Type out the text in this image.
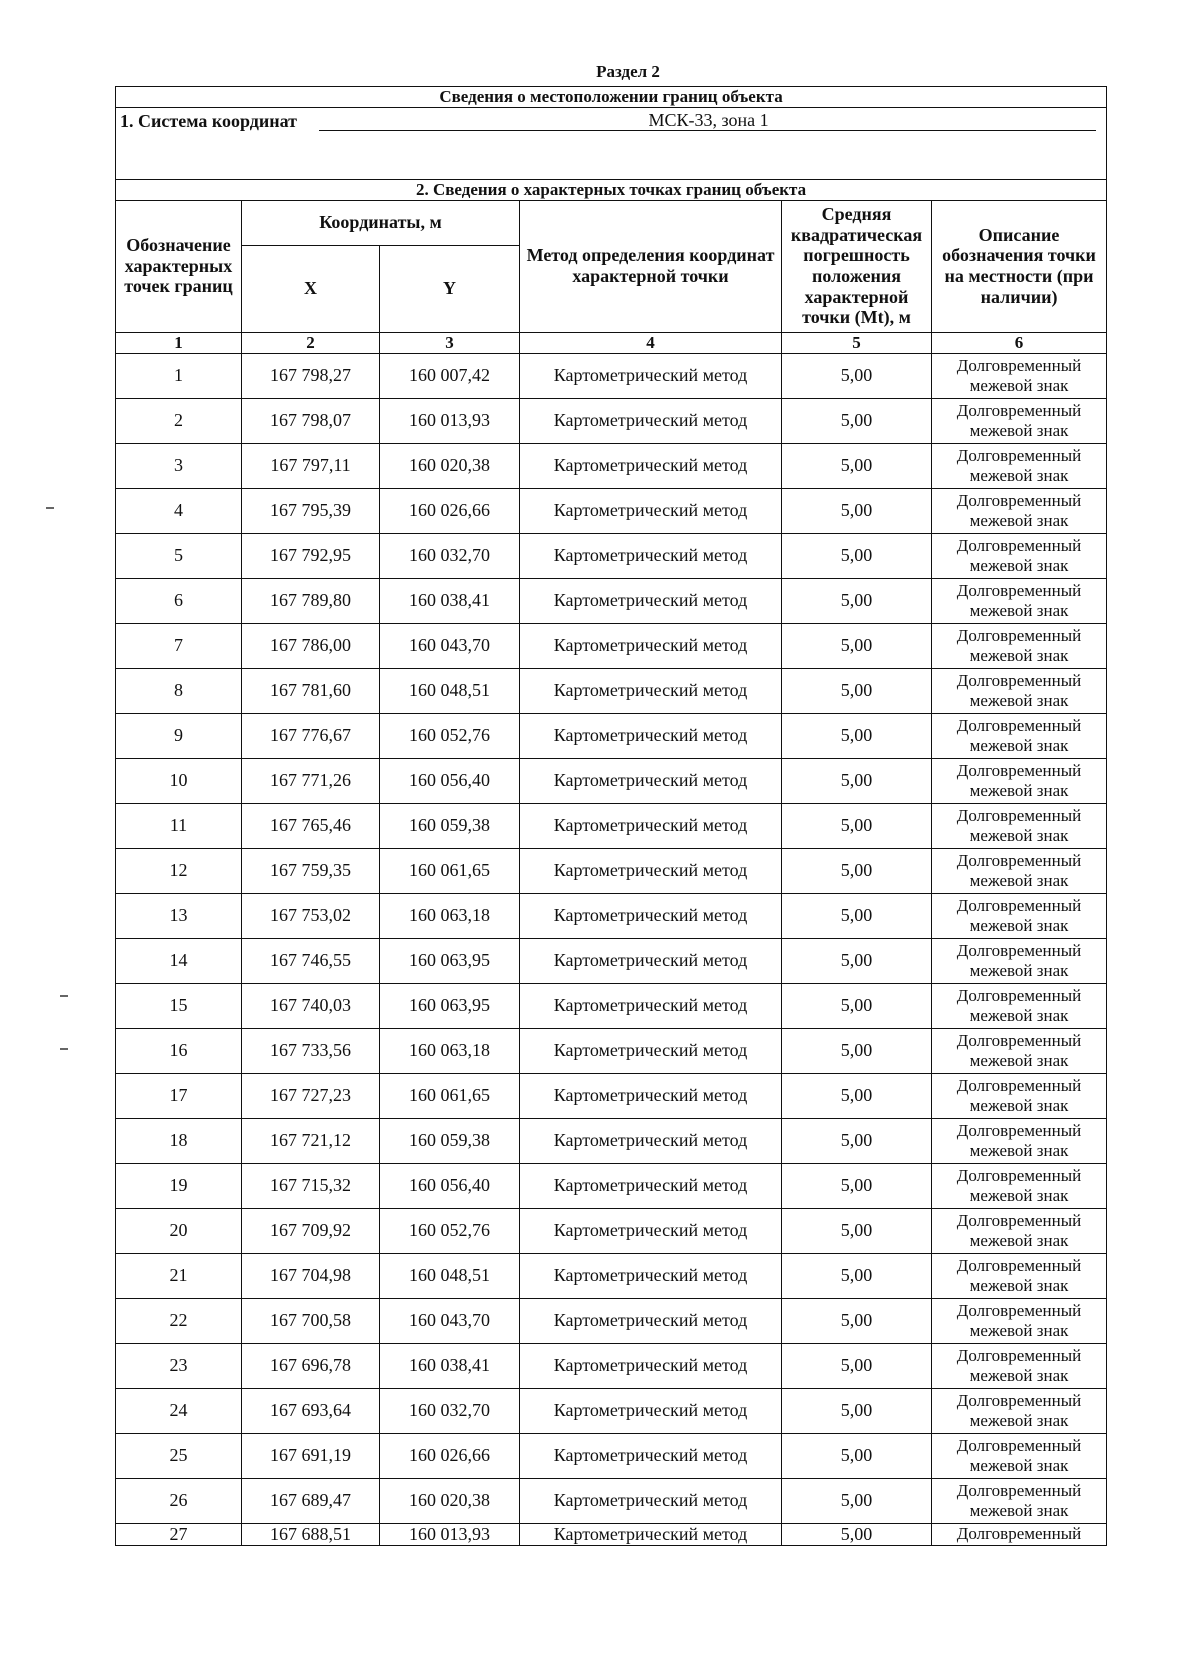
Раздел 2
Сведения о местоположении границ объекта					

1. Система координат МСК-33, зона 1					

2. Сведения о характерных точках границ объекта					
Обозначение характерных точек границ	Координаты, м		Метод определения координат характерной точки	Средняя квадратическая погрешность положения характерной точки (Mt), м	Описание обозначения точки на местности (при наличии)
	X	Y			
1	2	3	4	5	6
1	167 798,27	160 007,42	Картометрический метод	5,00	Долговременный межевой знак
2	167 798,07	160 013,93	Картометрический метод	5,00	Долговременный межевой знак
3	167 797,11	160 020,38	Картометрический метод	5,00	Долговременный межевой знак
4	167 795,39	160 026,66	Картометрический метод	5,00	Долговременный межевой знак
5	167 792,95	160 032,70	Картометрический метод	5,00	Долговременный межевой знак
6	167 789,80	160 038,41	Картометрический метод	5,00	Долговременный межевой знак
7	167 786,00	160 043,70	Картометрический метод	5,00	Долговременный межевой знак
8	167 781,60	160 048,51	Картометрический метод	5,00	Долговременный межевой знак
9	167 776,67	160 052,76	Картометрический метод	5,00	Долговременный межевой знак
10	167 771,26	160 056,40	Картометрический метод	5,00	Долговременный межевой знак
11	167 765,46	160 059,38	Картометрический метод	5,00	Долговременный межевой знак
12	167 759,35	160 061,65	Картометрический метод	5,00	Долговременный межевой знак
13	167 753,02	160 063,18	Картометрический метод	5,00	Долговременный межевой знак
14	167 746,55	160 063,95	Картометрический метод	5,00	Долговременный межевой знак
15	167 740,03	160 063,95	Картометрический метод	5,00	Долговременный межевой знак
16	167 733,56	160 063,18	Картометрический метод	5,00	Долговременный межевой знак
17	167 727,23	160 061,65	Картометрический метод	5,00	Долговременный межевой знак
18	167 721,12	160 059,38	Картометрический метод	5,00	Долговременный межевой знак
19	167 715,32	160 056,40	Картометрический метод	5,00	Долговременный межевой знак
20	167 709,92	160 052,76	Картометрический метод	5,00	Долговременный межевой знак
21	167 704,98	160 048,51	Картометрический метод	5,00	Долговременный межевой знак
22	167 700,58	160 043,70	Картометрический метод	5,00	Долговременный межевой знак
23	167 696,78	160 038,41	Картометрический метод	5,00	Долговременный межевой знак
24	167 693,64	160 032,70	Картометрический метод	5,00	Долговременный межевой знак
25	167 691,19	160 026,66	Картометрический метод	5,00	Долговременный межевой знак
26	167 689,47	160 020,38	Картометрический метод	5,00	Долговременный межевой знак
27	167 688,51	160 013,93	Картометрический метод	5,00	Долговременный
